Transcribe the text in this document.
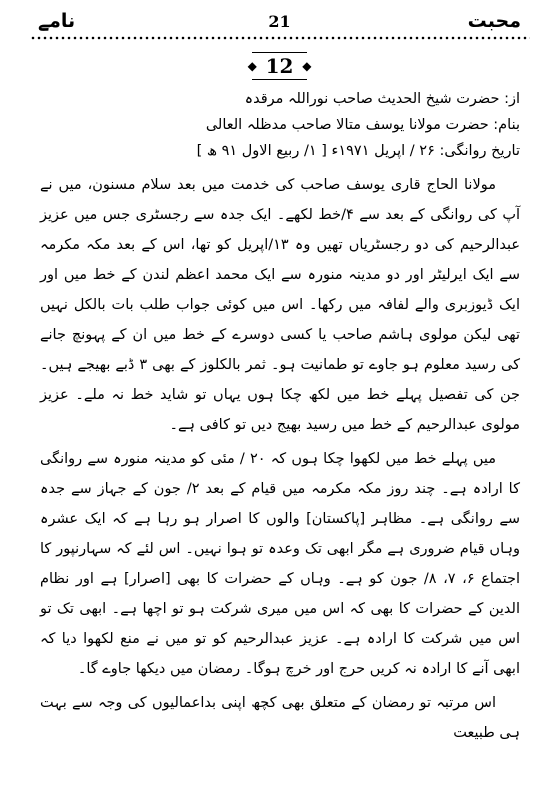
نامے	21	محبت
◆ 12 ◆

از: حضرت شیخ الحدیث صاحب نوراللہ مرقدہ

بنام: حضرت مولانا یوسف متالا صاحب مدظلہ العالی

تاریخ روانگی: ۲۶ / اپریل ۱۹۷۱ء [ ۱/ ربیع الاول ۹۱ ھ ]

مولانا الحاج قاری یوسف صاحب کی خدمت میں بعد سلام مسنون، میں نے آپ کی روانگی کے بعد سے ۴/خط لکھے۔ ایک جدہ سے رجسٹری جس میں عزیز عبدالرحیم کی دو رجسٹریاں تھیں وہ ۱۳/اپریل کو تھا، اس کے بعد مکہ مکرمہ سے ایک ایرلیٹر اور دو مدینہ منورہ سے ایک محمد اعظم لندن کے خط میں اور ایک ڈیوزبری والے لفافہ میں رکھا۔ اس میں کوئی جواب طلب بات بالکل نہیں تھی لیکن مولوی ہاشم صاحب یا کسی دوسرے کے خط میں ان کے پہونچ جانے کی رسید معلوم ہو جاوے تو طمانیت ہو۔ ثمر بالکلوز کے بھی ۳ ڈبے بھیجے ہیں۔ جن کی تفصیل پہلے خط میں لکھ چکا ہوں یہاں تو شاید خط نہ ملے۔ عزیز مولوی عبدالرحیم کے خط میں رسید بھیج دیں تو کافی ہے۔

میں پہلے خط میں لکھوا چکا ہوں کہ ۲۰ / مئی کو مدینہ منورہ سے روانگی کا ارادہ ہے۔ چند روز مکہ مکرمہ میں قیام کے بعد ۲/ جون کے جہاز سے جدہ سے روانگی ہے۔ مظاہر [پاکستان] والوں کا اصرار ہو رہا ہے کہ ایک عشرہ وہاں قیام ضروری ہے مگر ابھی تک وعدہ تو ہوا نہیں۔ اس لئے کہ سہارنپور کا اجتماع ۶، ۷، ۸/ جون کو ہے۔ وہاں کے حضرات کا بھی [اصرار] ہے اور نظام الدین کے حضرات کا بھی کہ اس میں میری شرکت ہو تو اچھا ہے۔ ابھی تک تو اس میں شرکت کا ارادہ ہے۔ عزیز عبدالرحیم کو تو میں نے منع لکھوا دیا کہ ابھی آنے کا ارادہ نہ کریں حرج اور خرچ ہوگا۔ رمضان میں دیکھا جاوے گا۔

اس مرتبہ تو رمضان کے متعلق بھی کچھ اپنی بداعمالیوں کی وجہ سے بہت ہی طبیعت
